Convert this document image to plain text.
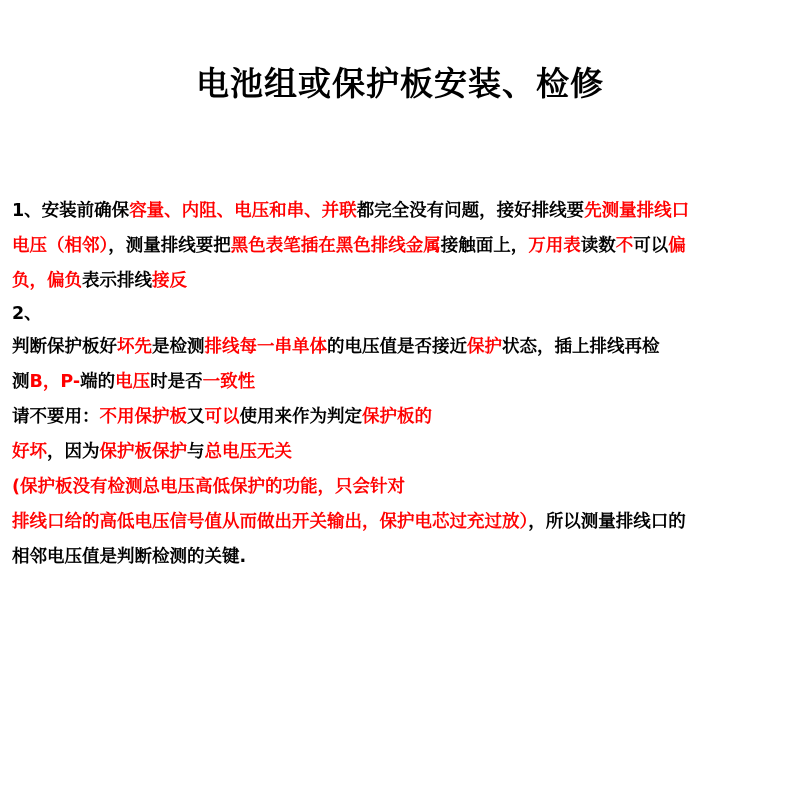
电池组或保护板安装、检修
1、安装前确保容量、内阻、电压和串、并联都完全没有问题，接好排线要先测量排线口
电压（相邻），测量排线要把黑色表笔插在黑色排线金属接触面上，万用表读数不可以偏
负，偏负表示排线接反
2、
判断保护板好坏先是检测排线每一串单体的电压值是否接近保护状态，插上排线再检
测B，P-端的电压时是否一致性
请不要用：不用保护板又可以使用来作为判定保护板的
好坏，因为保护板保护与总电压无关
(保护板没有检测总电压高低保护的功能，只会针对
排线口给的高低电压信号值从而做出开关输出，保护电芯过充过放），所以测量排线口的
相邻电压值是判断检测的关键.
